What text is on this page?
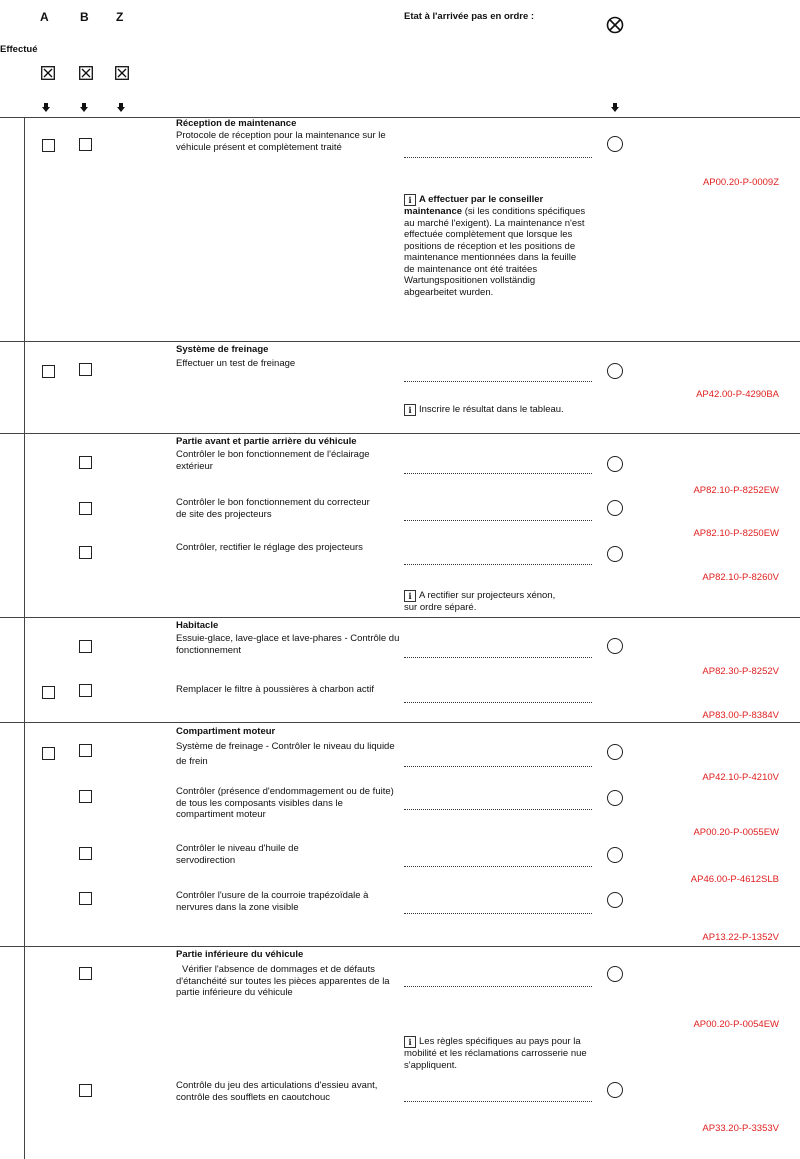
A	B Z	Etat à l'arrivée pas en ordre :
Effectué
Réception de maintenance
Protocole de réception pour la maintenance sur le véhicule présent et complètement traité
AP00.20-P-0009Z
i A effectuer par le conseiller maintenance (si les conditions spécifiques au marché l'exigent). La maintenance n'est effectuée complètement que lorsque les positions de réception et les positions de maintenance mentionnées dans la feuille de maintenance ont été traitées Wartungspositionen vollständig abgearbeitet wurden.
Système de freinage
Effectuer un test de freinage
AP42.00-P-4290BA
i Inscrire le résultat dans le tableau.
Partie avant et partie arrière du véhicule
Contrôler le bon fonctionnement de l'éclairage extérieur
AP82.10-P-8252EW
Contrôler le bon fonctionnement du correcteur de site des projecteurs
AP82.10-P-8250EW
Contrôler, rectifier le réglage des projecteurs
AP82.10-P-8260V
i A rectifier sur projecteurs xénon, sur ordre séparé.
Habitacle
Essuie-glace, lave-glace et lave-phares - Contrôle du fonctionnement
AP82.30-P-8252V
Remplacer le filtre à poussières à charbon actif
AP83.00-P-8384V
Compartiment moteur
Système de freinage - Contrôler le niveau du liquide de frein
AP42.10-P-4210V
Contrôler (présence d'endommagement ou de fuite) de tous les composants visibles dans le compartiment moteur
AP00.20-P-0055EW
Contrôler le niveau d'huile de servodirection
AP46.00-P-4612SLB
Contrôler l'usure de la courroie trapézoïdale à nervures dans la zone visible
AP13.22-P-1352V
Partie inférieure du véhicule
Vérifier l'absence de dommages et de défauts d'étanchéité sur toutes les pièces apparentes de la partie inférieure du véhicule
AP00.20-P-0054EW
i Les règles spécifiques au pays pour la mobilité et les réclamations carrosserie nue s'appliquent.
Contrôle du jeu des articulations d'essieu avant, contrôle des soufflets en caoutchouc
AP33.20-P-3353V
